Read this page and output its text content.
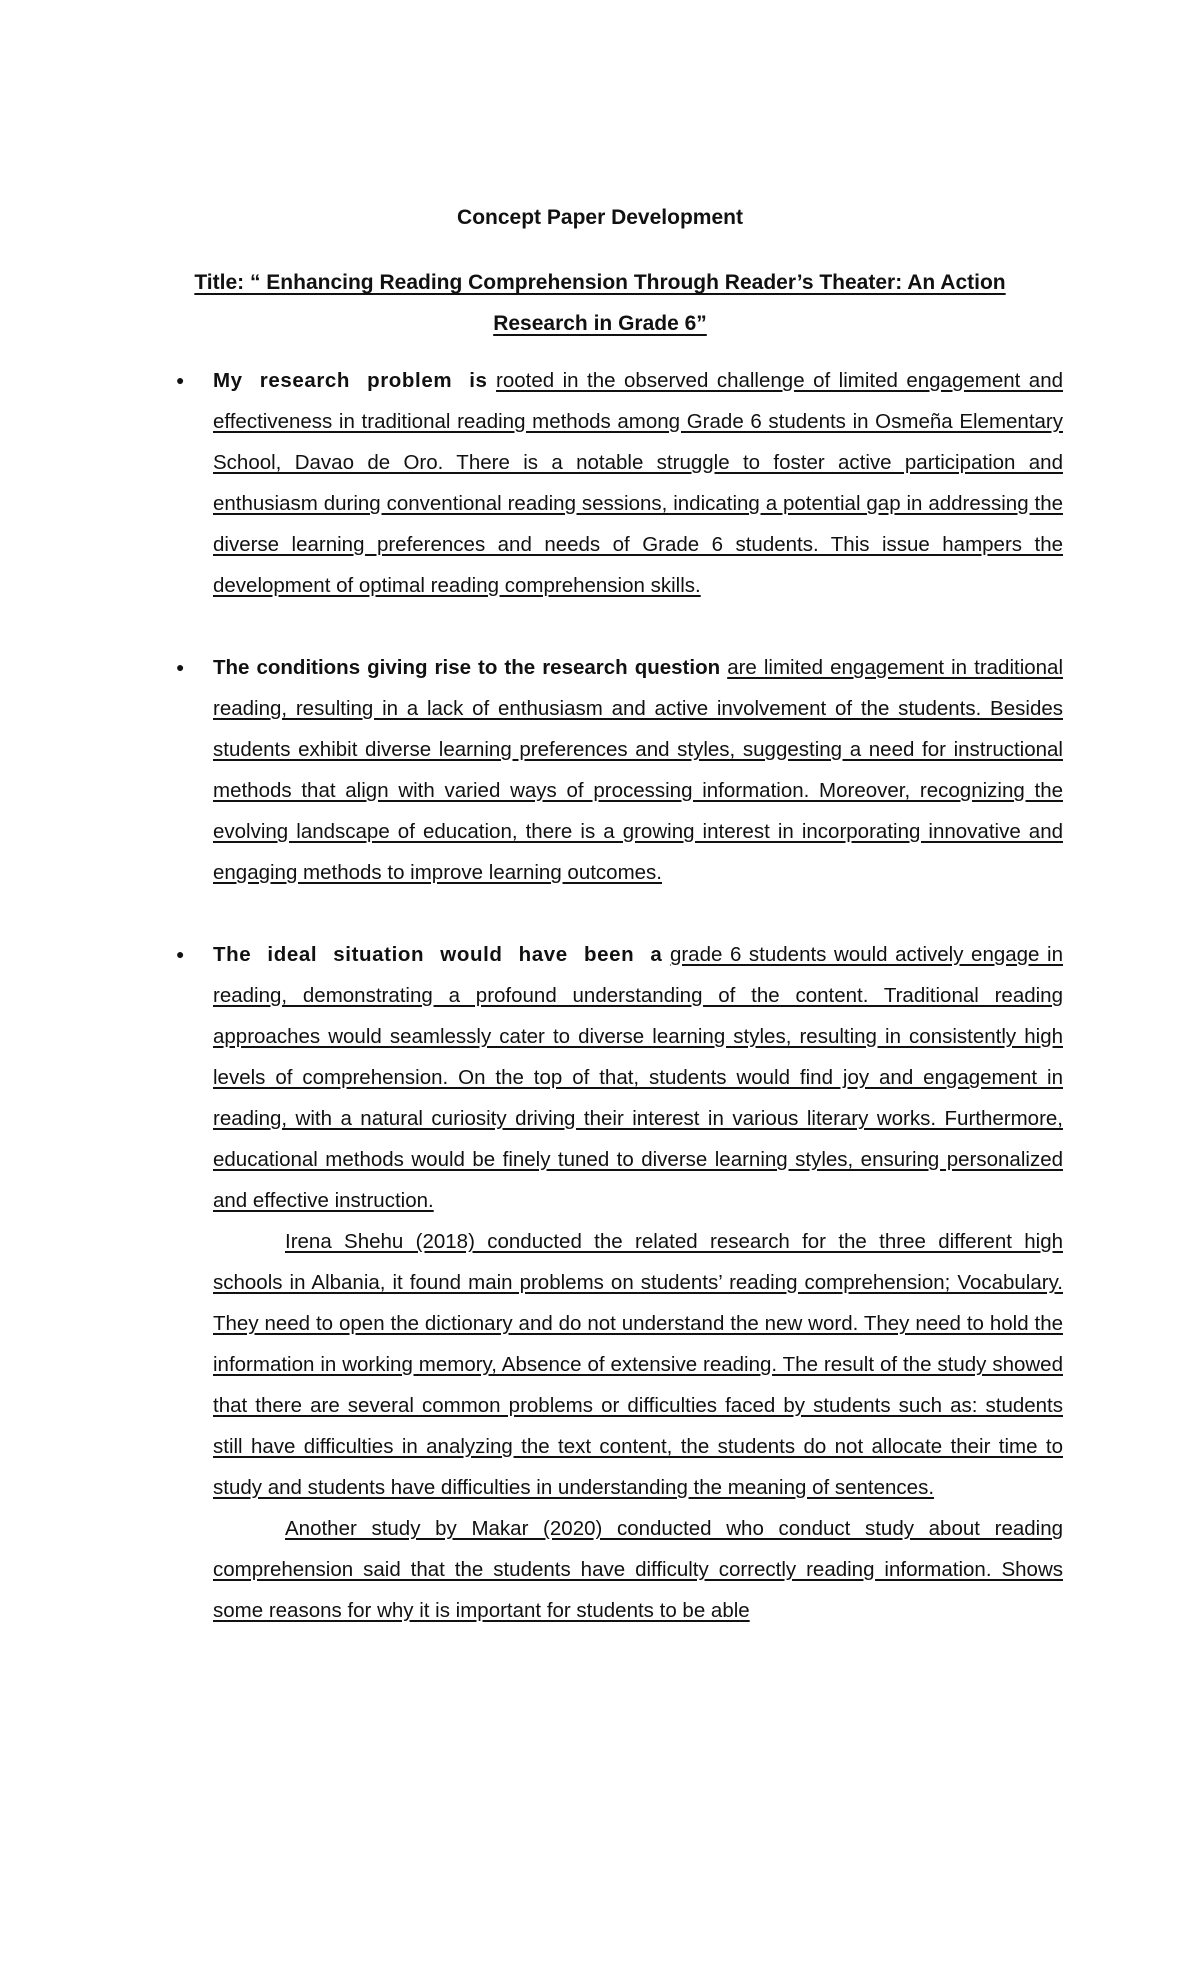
Concept Paper Development
Title: “ Enhancing Reading Comprehension Through Reader’s Theater: An Action Research in Grade 6”
● My research problem is rooted in the observed challenge of limited engagement and effectiveness in traditional reading methods among Grade 6 students in Osmeña Elementary School, Davao de Oro. There is a notable struggle to foster active participation and enthusiasm during conventional reading sessions, indicating a potential gap in addressing the diverse learning preferences and needs of Grade 6 students. This issue hampers the development of optimal reading comprehension skills.
● The conditions giving rise to the research question are limited engagement in traditional reading, resulting in a lack of enthusiasm and active involvement of the students. Besides students exhibit diverse learning preferences and styles, suggesting a need for instructional methods that align with varied ways of processing information. Moreover, recognizing the evolving landscape of education, there is a growing interest in incorporating innovative and engaging methods to improve learning outcomes.
● The ideal situation would have been a grade 6 students would actively engage in reading, demonstrating a profound understanding of the content. Traditional reading approaches would seamlessly cater to diverse learning styles, resulting in consistently high levels of comprehension. On the top of that, students would find joy and engagement in reading, with a natural curiosity driving their interest in various literary works. Furthermore, educational methods would be finely tuned to diverse learning styles, ensuring personalized and effective instruction.

Irena Shehu (2018) conducted the related research for the three different high schools in Albania, it found main problems on students’ reading comprehension; Vocabulary. They need to open the dictionary and do not understand the new word. They need to hold the information in working memory, Absence of extensive reading. The result of the study showed that there are several common problems or difficulties faced by students such as: students still have difficulties in analyzing the text content, the students do not allocate their time to study and students have difficulties in understanding the meaning of sentences.

Another study by Makar (2020) conducted who conduct study about reading comprehension said that the students have difficulty correctly reading information. Shows some reasons for why it is important for students to be able
